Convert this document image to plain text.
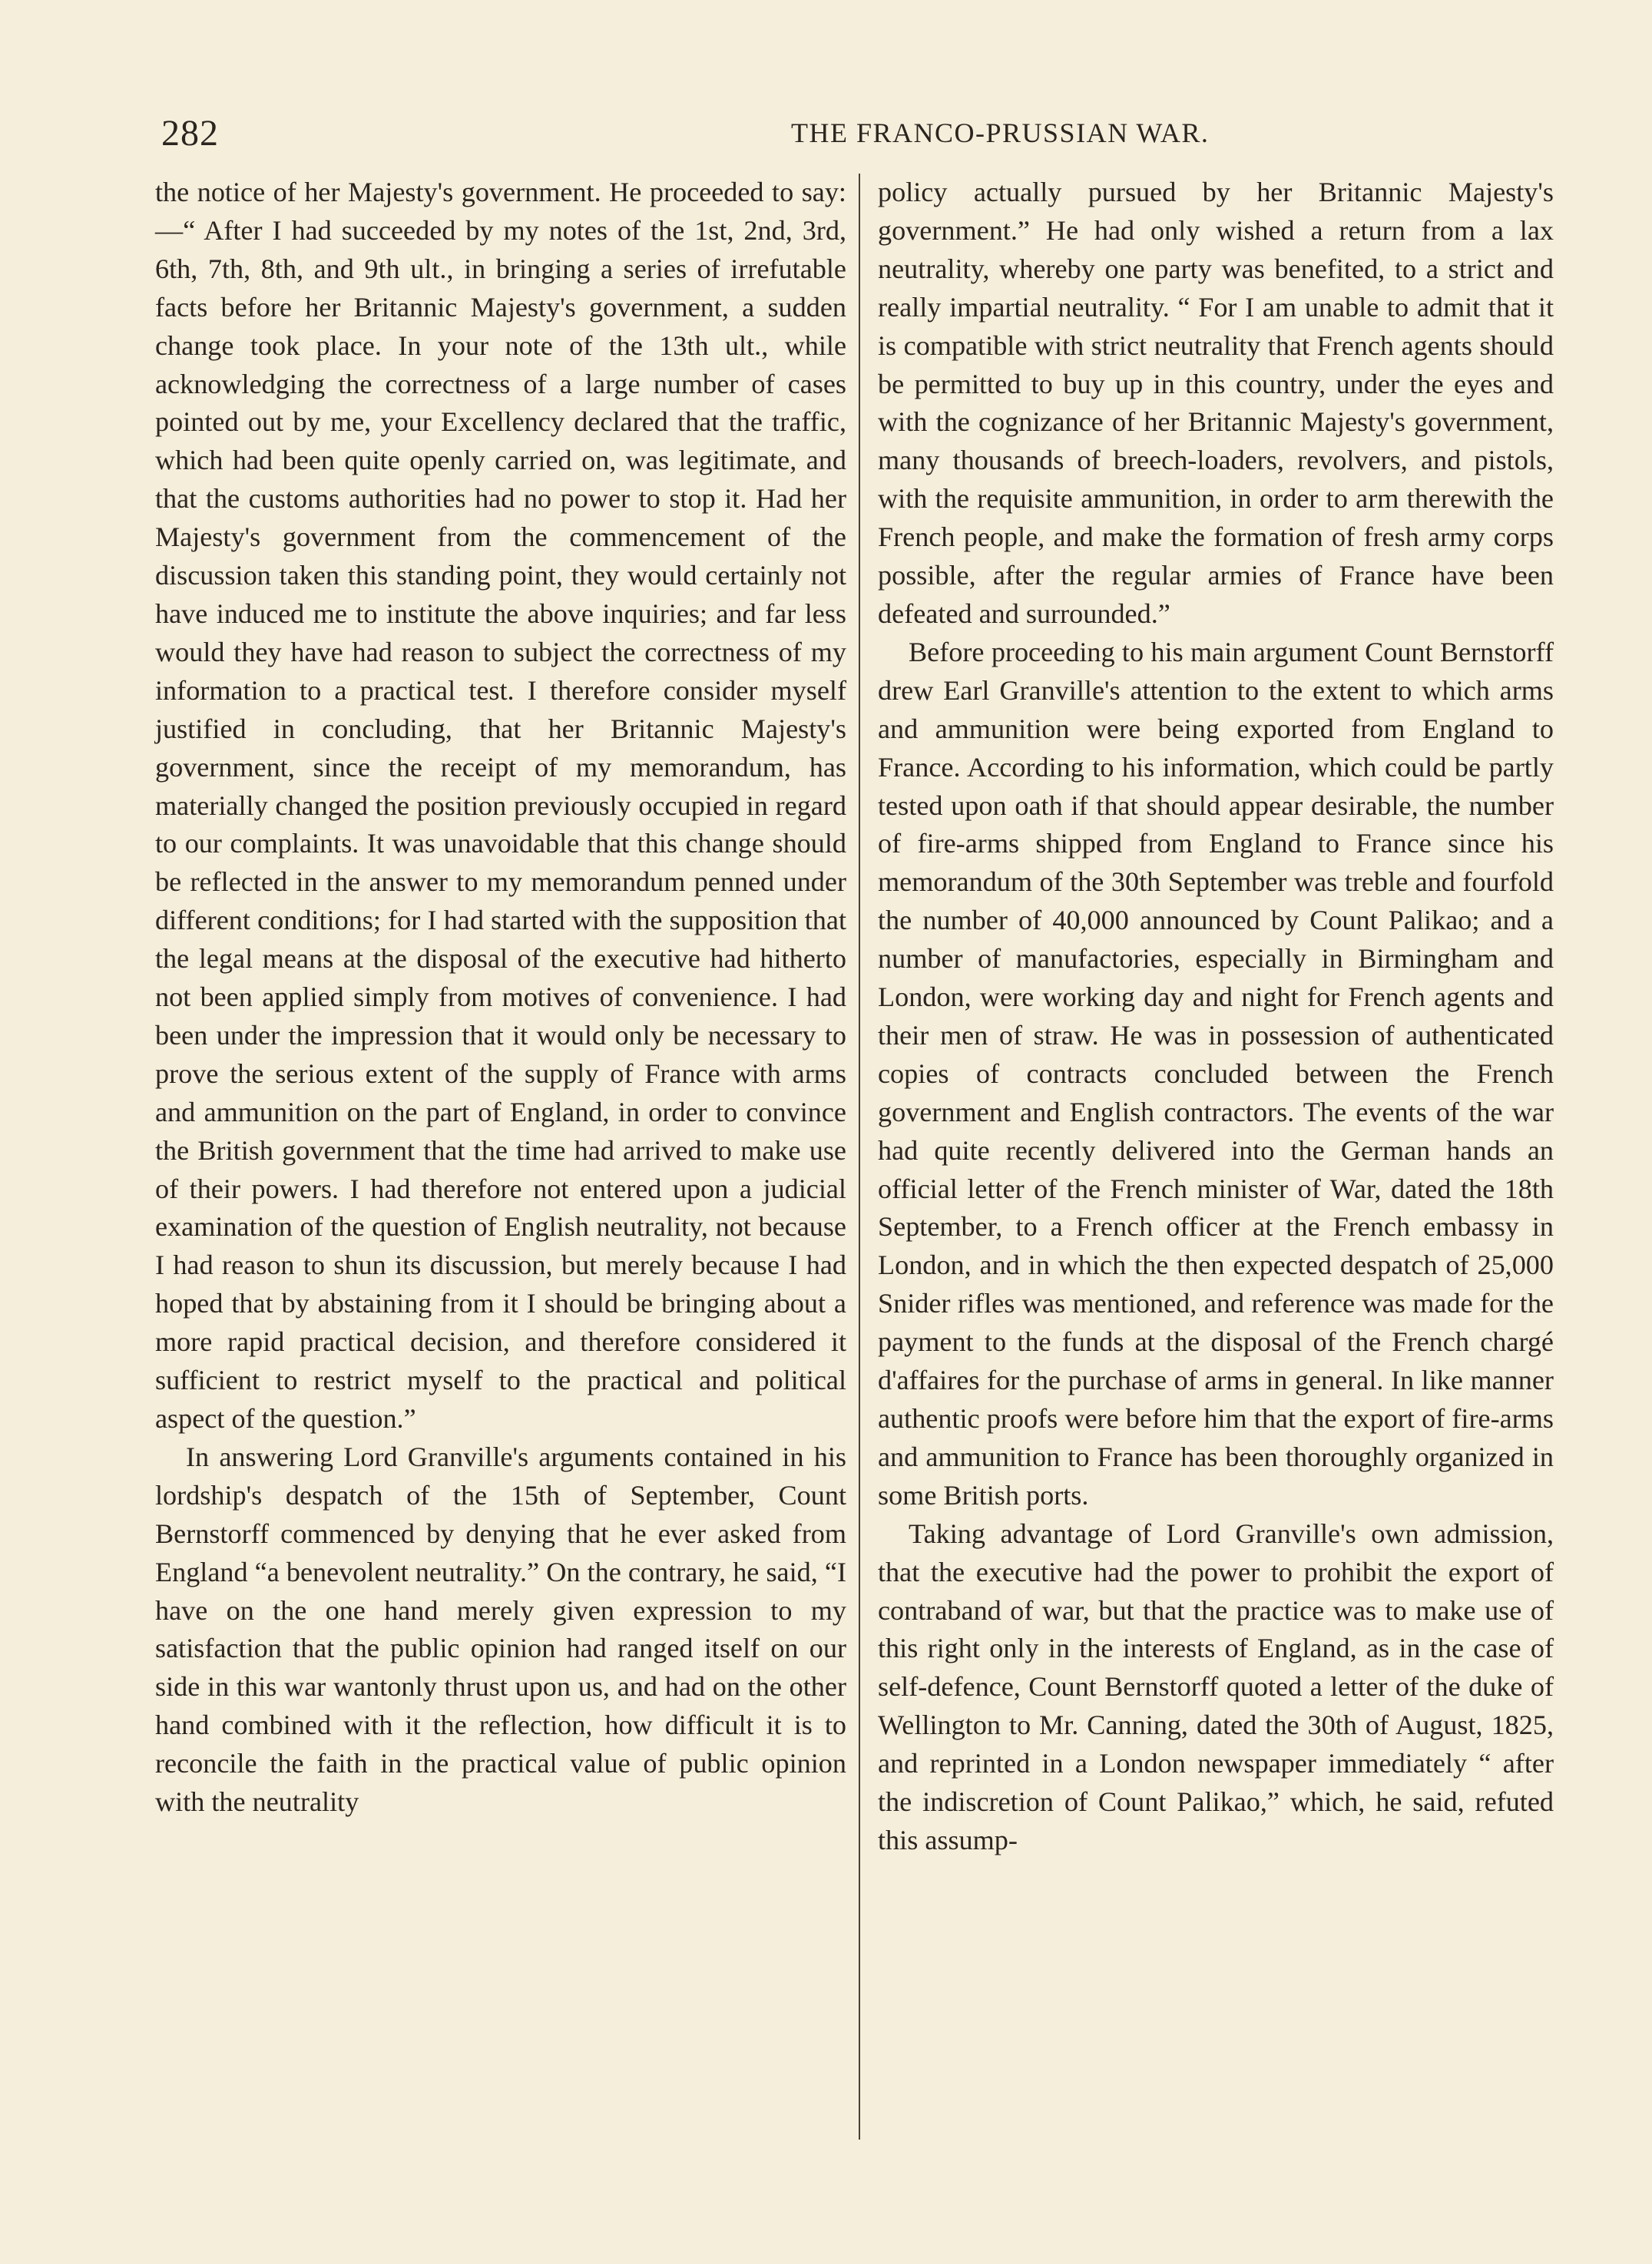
282	THE FRANCO-PRUSSIAN WAR.

the notice of her Majesty's government. He proceeded to say:—“ After I had succeeded by my notes of the 1st, 2nd, 3rd, 6th, 7th, 8th, and 9th ult., in bringing a series of irrefutable facts before her Britannic Majesty's government, a sudden change took place. In your note of the 13th ult., while acknowledging the correctness of a large number of cases pointed out by me, your Excellency declared that the traffic, which had been quite openly carried on, was legitimate, and that the customs authorities had no power to stop it. Had her Majesty's government from the commencement of the discussion taken this standing point, they would certainly not have induced me to institute the above inquiries; and far less would they have had reason to subject the correctness of my information to a practical test. I therefore consider myself justified in concluding, that her Britannic Majesty's government, since the receipt of my memorandum, has materially changed the position previously occupied in regard to our complaints. It was unavoidable that this change should be reflected in the answer to my memorandum penned under different conditions; for I had started with the supposition that the legal means at the disposal of the executive had hitherto not been applied simply from motives of convenience. I had been under the impression that it would only be necessary to prove the serious extent of the supply of France with arms and ammunition on the part of England, in order to convince the British government that the time had arrived to make use of their powers. I had therefore not entered upon a judicial examination of the question of English neutrality, not because I had reason to shun its discussion, but merely because I had hoped that by abstaining from it I should be bringing about a more rapid practical decision, and therefore considered it sufficient to restrict myself to the practical and political aspect of the question.”

In answering Lord Granville's arguments contained in his lordship's despatch of the 15th of September, Count Bernstorff commenced by denying that he ever asked from England “a benevolent neutrality.” On the contrary, he said, “I have on the one hand merely given expression to my satisfaction that the public opinion had ranged itself on our side in this war wantonly thrust upon us, and had on the other hand combined with it the reflection, how difficult it is to reconcile the faith in the practical value of public opinion with the neutrality

policy actually pursued by her Britannic Majesty's government.” He had only wished a return from a lax neutrality, whereby one party was benefited, to a strict and really impartial neutrality. “ For I am unable to admit that it is compatible with strict neutrality that French agents should be permitted to buy up in this country, under the eyes and with the cognizance of her Britannic Majesty's government, many thousands of breech-loaders, revolvers, and pistols, with the requisite ammunition, in order to arm therewith the French people, and make the formation of fresh army corps possible, after the regular armies of France have been defeated and surrounded.”

Before proceeding to his main argument Count Bernstorff drew Earl Granville's attention to the extent to which arms and ammunition were being exported from England to France. According to his information, which could be partly tested upon oath if that should appear desirable, the number of fire-arms shipped from England to France since his memorandum of the 30th September was treble and fourfold the number of 40,000 announced by Count Palikao; and a number of manufactories, especially in Birmingham and London, were working day and night for French agents and their men of straw. He was in possession of authenticated copies of contracts concluded between the French government and English contractors. The events of the war had quite recently delivered into the German hands an official letter of the French minister of War, dated the 18th September, to a French officer at the French embassy in London, and in which the then expected despatch of 25,000 Snider rifles was mentioned, and reference was made for the payment to the funds at the disposal of the French chargé d'affaires for the purchase of arms in general. In like manner authentic proofs were before him that the export of fire-arms and ammunition to France has been thoroughly organized in some British ports.

Taking advantage of Lord Granville's own admission, that the executive had the power to prohibit the export of contraband of war, but that the practice was to make use of this right only in the interests of England, as in the case of self-defence, Count Bernstorff quoted a letter of the duke of Wellington to Mr. Canning, dated the 30th of August, 1825, and reprinted in a London newspaper immediately “ after the indiscretion of Count Palikao,” which, he said, refuted this assump-
